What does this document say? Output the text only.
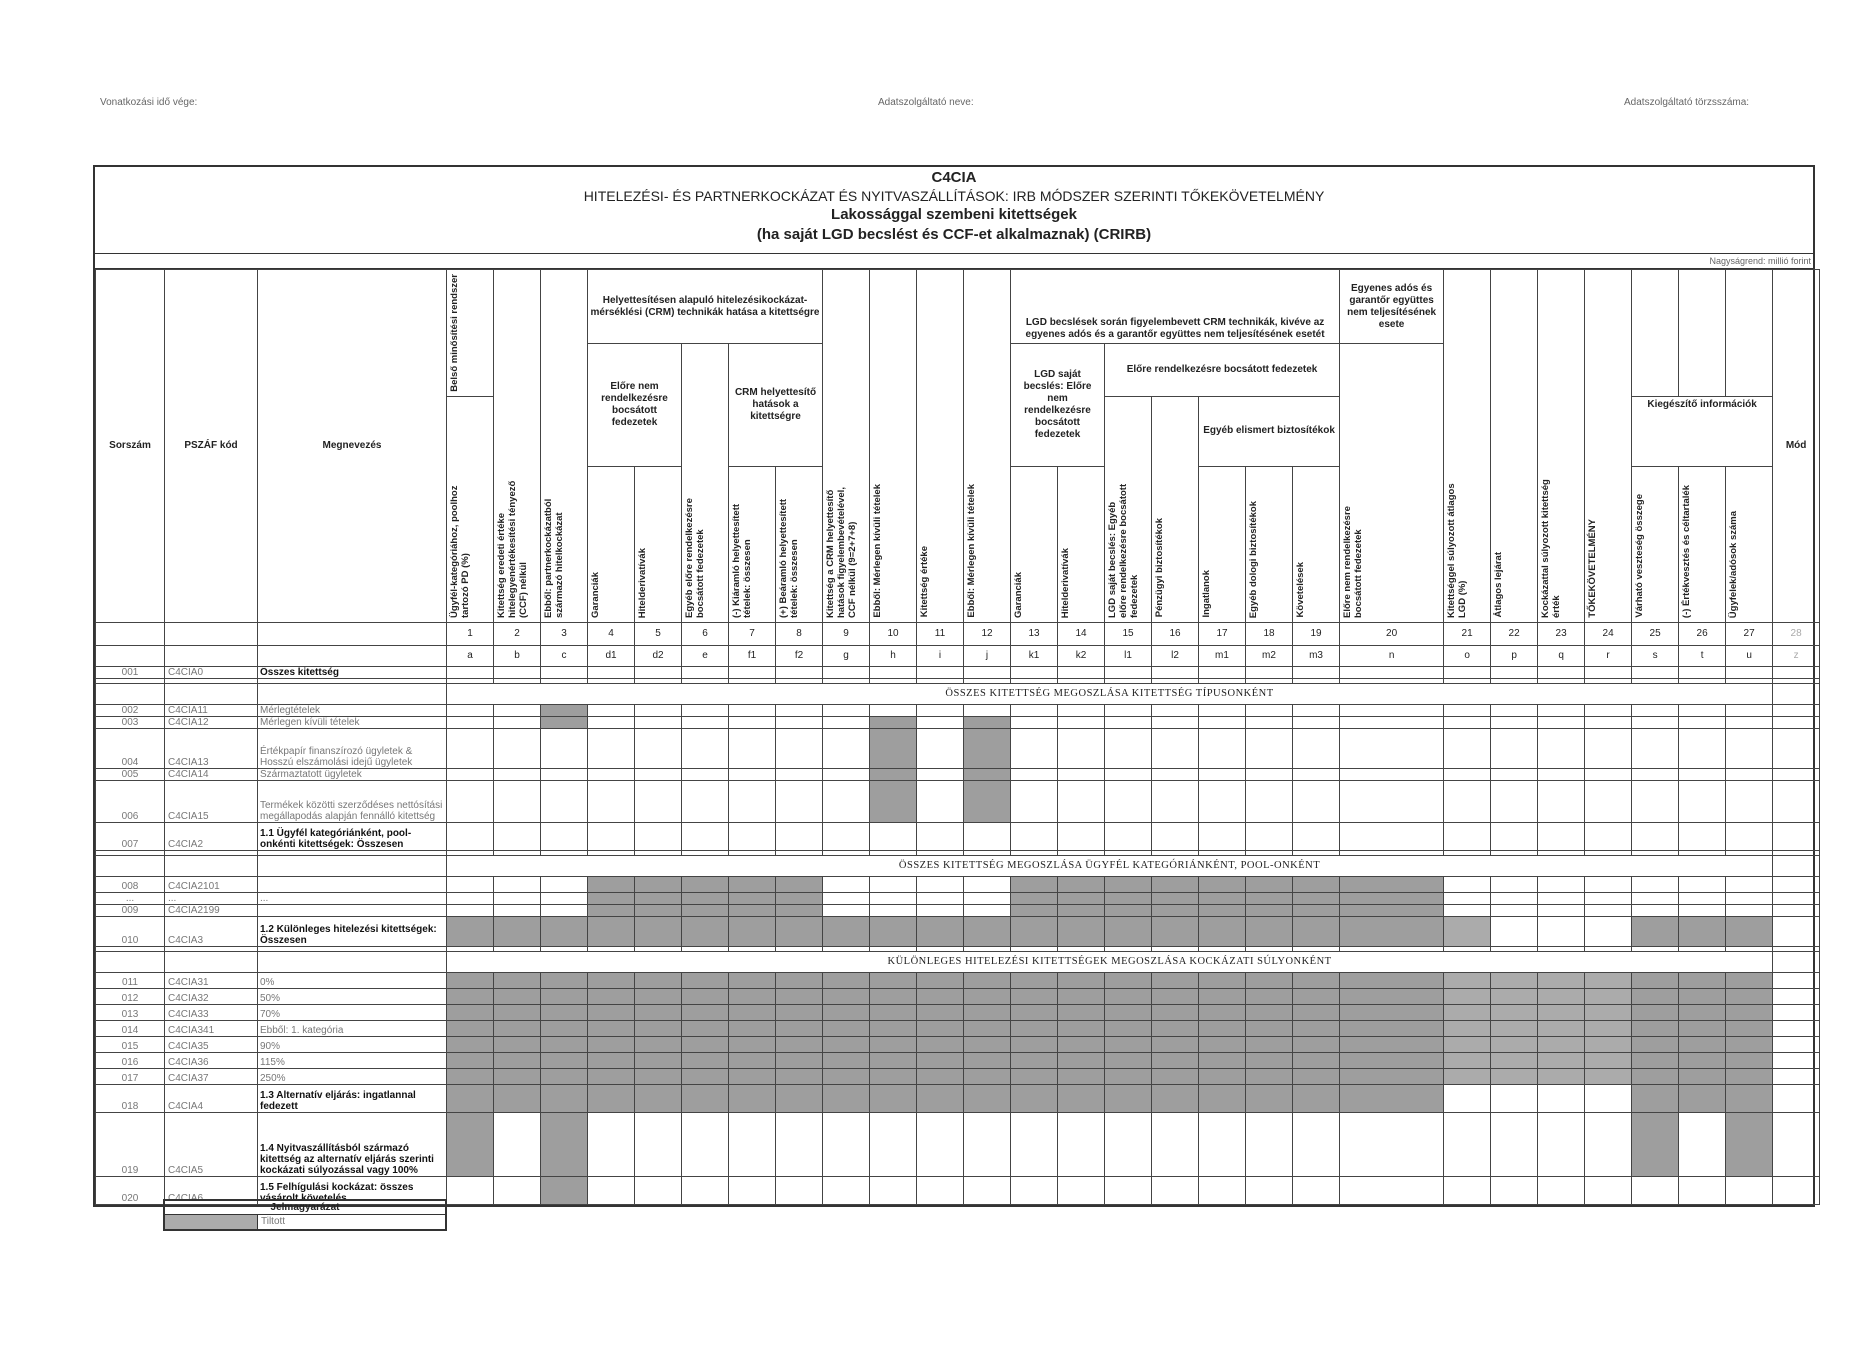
Vonatkozási idő vége:	Adatszolgáltató neve:	Adatszolgáltató törzsszáma:
C4CIA
HITELEZÉSI- ÉS PARTNERKOCKÁZAT ÉS NYITVASZÁLLÍTÁSOK: IRB MÓDSZER SZERINTI TŐKEKÖVETELMÉNY
Lakossággal szembeni kitettségek
(ha saját LGD becslést és CCF-et alkalmaznak) (CRIRB)
Nagyságrend: millió forint
Sorszám	PSZÁF kód	Megnevezés	Belső minősítési rendszer	Kitettség eredeti értéke hitelegyenértékesítési tényező (CCF) nélkül	Ebből: partnerkockázatból származó hitelkockázat	Helyettesítésen alapuló hitelezésikockázat-mérséklési (CRM) technikák hatása a kitettségre					Kitettség a CRM helyettesítő hatások figyelembevételével, CCF nélkül (9=2+7+8)	Ebből: Mérlegen kívüli tételek	Kitettség értéke	Ebből: Mérlegen kívüli tételek	LGD becslések során figyelembevett CRM technikák, kivéve az egyenes adós és a garantőr együttes nem teljesítésének esetét							Egyenes adós és garantőr együttes nem teljesítésének esete	Kitettséggel súlyozott átlagos LGD (%)	Átlagos lejárat	Kockázattal súlyozott kitettség érték	TŐKEKÖVETELMÉNY				Mód
						Előre nem rendelkezésre bocsátott fedezetek		Egyéb előre rendelkezésre bocsátott fedezetek	CRM helyettesítő hatások a kitettségre						LGD saját becslés: Előre nem rendelkezésre bocsátott fedezetek		Előre rendelkezésre bocsátott fedezetek					Előre nem rendelkezésre bocsátott fedezetek								

			Ügyfél-kategóriához, poolhoz tartozó PD (%)														LGD saját becslés: Egyéb előre rendelkezésre bocsátott fedezetek	Pénzügyi biztosítékok	Egyéb elismert biztosítékok								Kiegészítő információk			

						Garanciák	Hitelderivatívák		(-) Kiáramló helyettesített tételek: összesen	(+) Beáramló helyettesített tételek: összesen					Garanciák	Hitelderivatívák			Ingatlanok	Egyéb dologi biztosítékok	Követelések						Várható veszteség összege	(-) Értékvesztés és céltartalék	Ügyfelek/adósok száma	

			1	2	3	4	5	6	7	8	9	10	11	12	13	14	15	16	17	18	19	20	21	22	23	24	25	26	27	28
			a	b	c	d1	d2	e	f1	f2	g	h	i	j	k1	k2	l1	l2	m1	m2	m3	n	o	p	q	r	s	t	u	z
001	C4CIA0	Összes kitettség																												

			ÖSSZES KITETTSÉG MEGOSZLÁSA KITETTSÉG TÍPUSONKÉNT																											
002	C4CIA11	Mérlegtételek																												
003	C4CIA12	Mérlegen kívüli tételek																												
004	C4CIA13	Értékpapír finanszírozó ügyletek & Hosszú elszámolási idejű ügyletek																												
005	C4CIA14	Származtatott ügyletek																												
006	C4CIA15	Termékek közötti szerződéses nettósítási megállapodás alapján fennálló kitettség																												
007	C4CIA2	1.1 Ügyfél kategóriánként, pool-onkénti kitettségek: Összesen																												

			ÖSSZES KITETTSÉG MEGOSZLÁSA ÜGYFÉL KATEGÓRIÁNKÉNT, POOL-ONKÉNT																											
008	C4CIA2101																													
...	...	...																												
009	C4CIA2199																													
010	C4CIA3	1.2 Különleges hitelezési kitettségek: Összesen																												

			KÜLÖNLEGES HITELEZÉSI KITETTSÉGEK MEGOSZLÁSA KOCKÁZATI SÚLYONKÉNT																											
011	C4CIA31	0%																												
012	C4CIA32	50%																												
013	C4CIA33	70%																												
014	C4CIA341	Ebből: 1. kategória																												
015	C4CIA35	90%																												
016	C4CIA36	115%																												
017	C4CIA37	250%																												
018	C4CIA4	1.3 Alternatív eljárás: ingatlannal fedezett																												
019	C4CIA5	1.4 Nyitvaszállításból származó kitettség az alternatív eljárás szerinti kockázati súlyozással vagy 100%																												
020	C4CIA6	1.5 Felhígulási kockázat: összes vásárolt követelés																												
Jelmagyarázat
Tiltott
